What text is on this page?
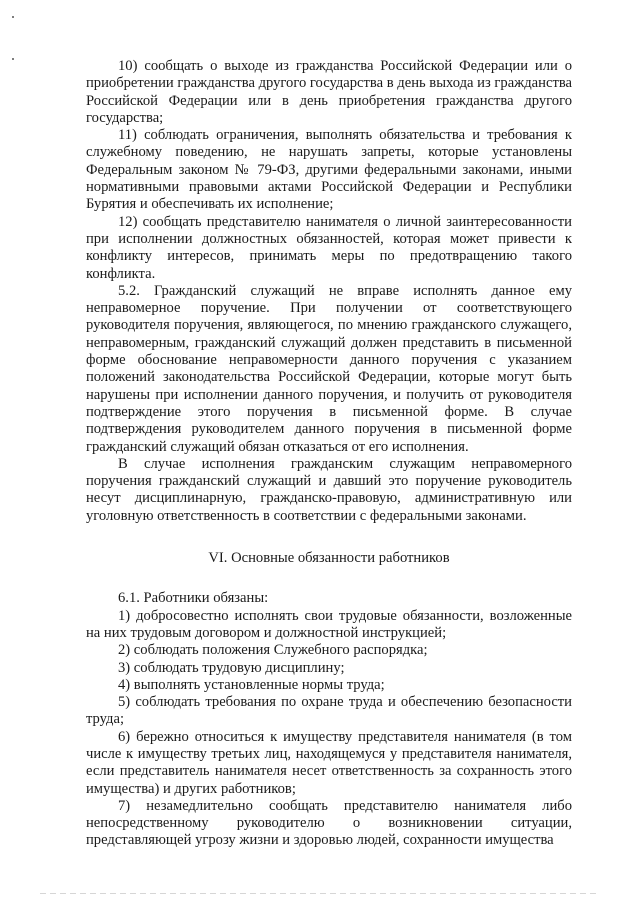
10) сообщать о выходе из гражданства Российской Федерации или о приобретении гражданства другого государства в день выхода из гражданства Российской Федерации или в день приобретения гражданства другого государства;

11) соблюдать ограничения, выполнять обязательства и требования к служебному поведению, не нарушать запреты, которые установлены Федеральным законом № 79-ФЗ, другими федеральными законами, иными нормативными правовыми актами Российской Федерации и Республики Бурятия и обеспечивать их исполнение;

12) сообщать представителю нанимателя о личной заинтересованности при исполнении должностных обязанностей, которая может привести к конфликту интересов, принимать меры по предотвращению такого конфликта.

5.2. Гражданский служащий не вправе исполнять данное ему неправомерное поручение. При получении от соответствующего руководителя поручения, являющегося, по мнению гражданского служащего, неправомерным, гражданский служащий должен представить в письменной форме обоснование неправомерности данного поручения с указанием положений законодательства Российской Федерации, которые могут быть нарушены при исполнении данного поручения, и получить от руководителя подтверждение этого поручения в письменной форме. В случае подтверждения руководителем данного поручения в письменной форме гражданский служащий обязан отказаться от его исполнения.

В случае исполнения гражданским служащим неправомерного поручения гражданский служащий и давший это поручение руководитель несут дисциплинарную, гражданско-правовую, административную или уголовную ответственность в соответствии с федеральными законами.

VI. Основные обязанности работников

6.1. Работники обязаны:

1) добросовестно исполнять свои трудовые обязанности, возложенные на них трудовым договором и должностной инструкцией;

2) соблюдать положения Служебного распорядка;

3) соблюдать трудовую дисциплину;

4) выполнять установленные нормы труда;

5) соблюдать требования по охране труда и обеспечению безопасности труда;

6) бережно относиться к имуществу представителя нанимателя (в том числе к имуществу третьих лиц, находящемуся у представителя нанимателя, если представитель нанимателя несет ответственность за сохранность этого имущества) и других работников;

7) незамедлительно сообщать представителю нанимателя либо непосредственному руководителю о возникновении ситуации, представляющей угрозу жизни и здоровью людей, сохранности имущества
